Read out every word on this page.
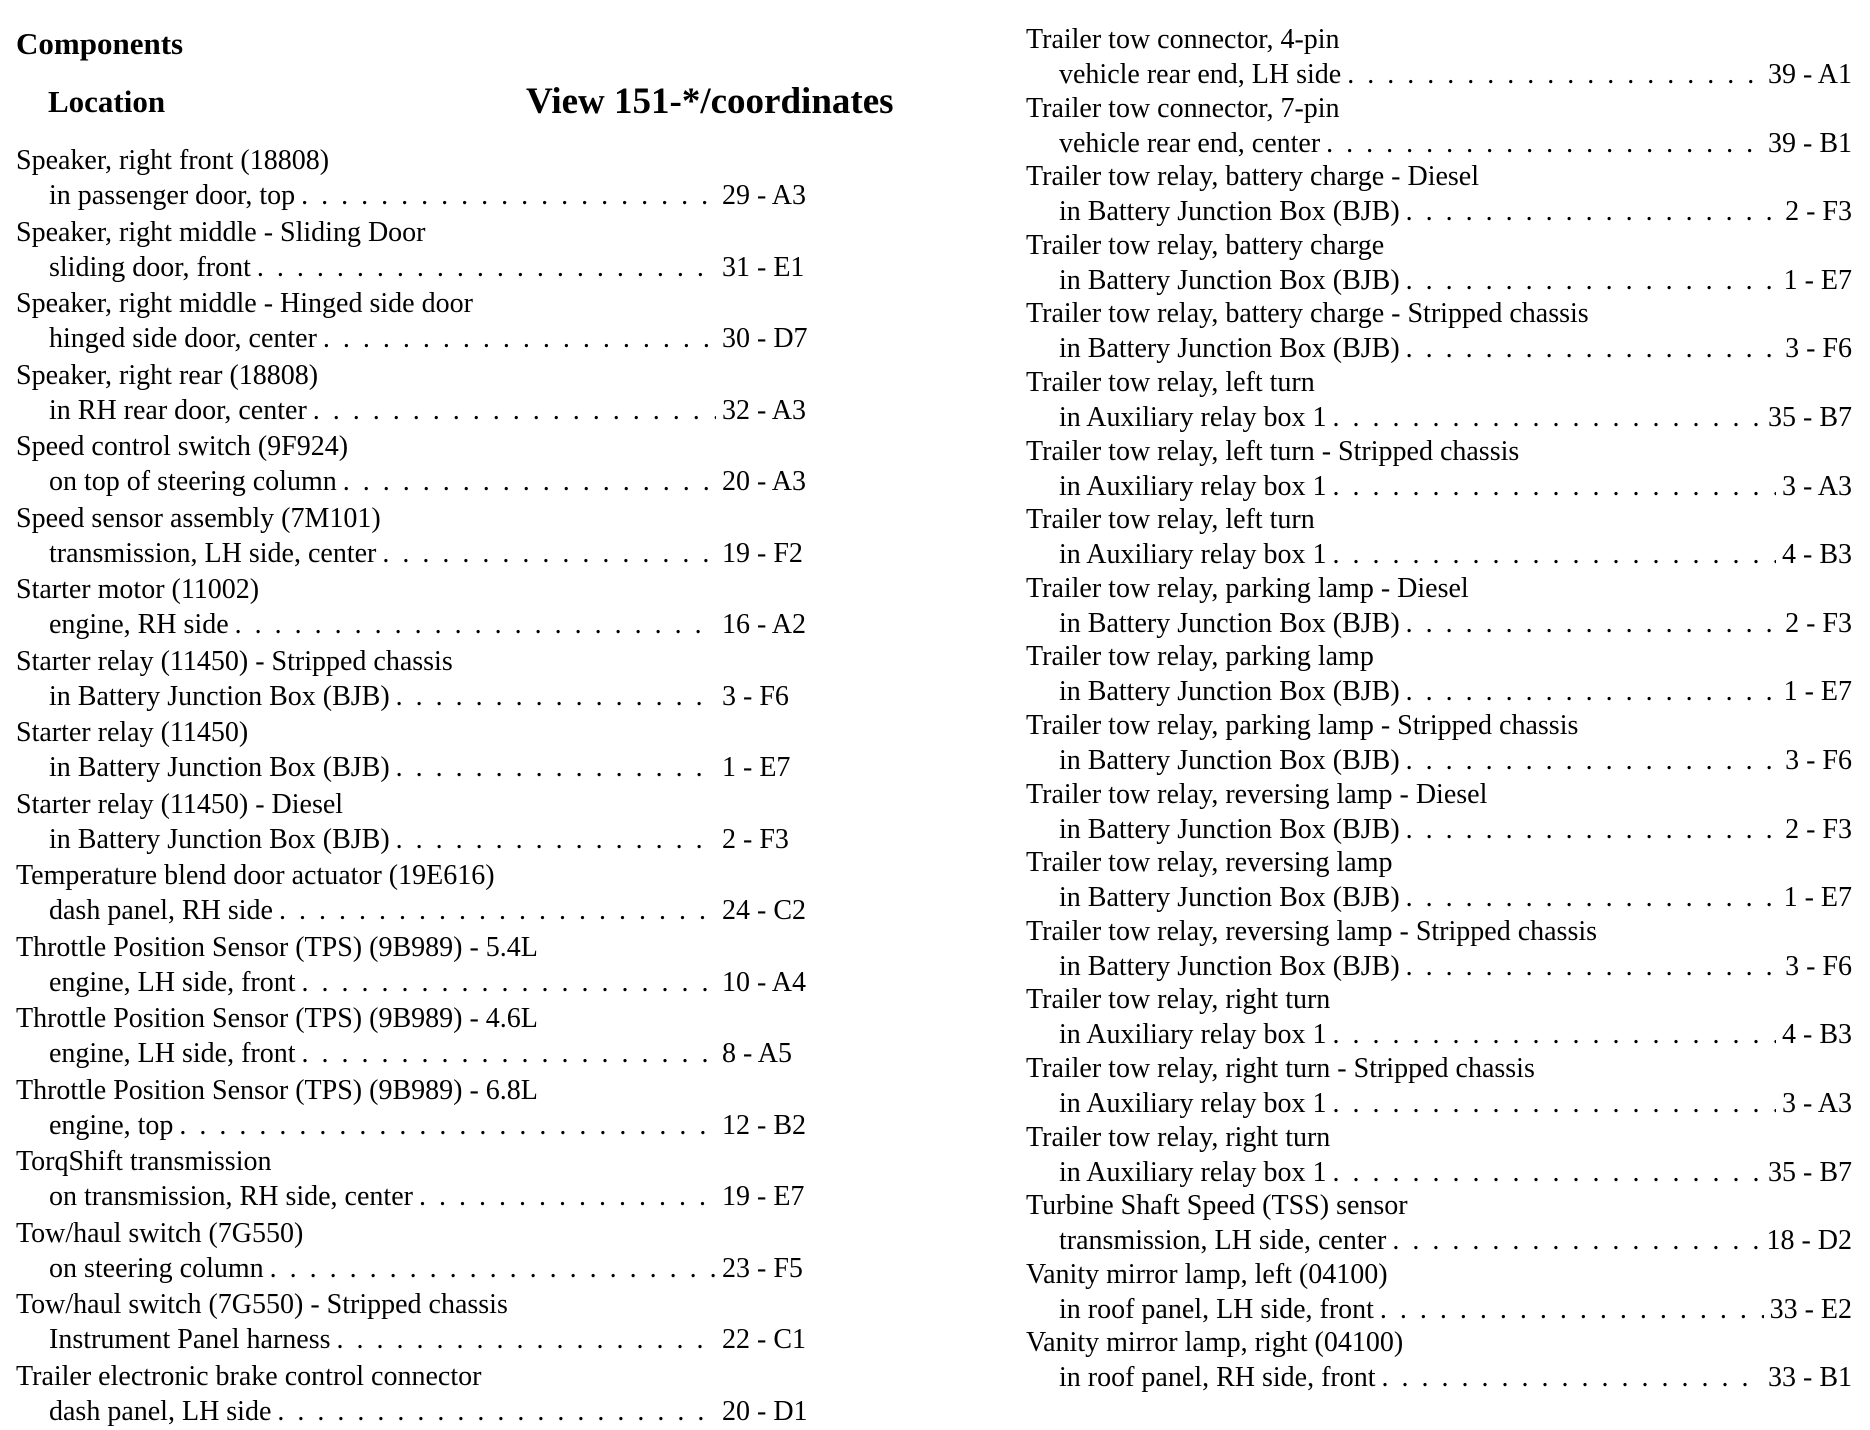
Components
Location	View 151-*/coordinates
Speaker, right front (18808)
in passenger door, top . . .	29 - A3
Speaker, right middle - Sliding Door
sliding door, front . . .	31 - E1
Speaker, right middle - Hinged side door
hinged side door, center . . .	30 - D7
Speaker, right rear (18808)
in RH rear door, center . . .	32 - A3
Speed control switch (9F924)
on top of steering column . . .	20 - A3
Speed sensor assembly (7M101)
transmission, LH side, center . . .	19 - F2
Starter motor (11002)
engine, RH side . . .	16 - A2
Starter relay (11450) - Stripped chassis
in Battery Junction Box (BJB) . . .	3 - F6
Starter relay (11450)
in Battery Junction Box (BJB) . . .	1 - E7
Starter relay (11450) - Diesel
in Battery Junction Box (BJB) . . .	2 - F3
Temperature blend door actuator (19E616)
dash panel, RH side . . .	24 - C2
Throttle Position Sensor (TPS) (9B989) - 5.4L
engine, LH side, front . . .	10 - A4
Throttle Position Sensor (TPS) (9B989) - 4.6L
engine, LH side, front . . .	8 - A5
Throttle Position Sensor (TPS) (9B989) - 6.8L
engine, top . . .	12 - B2
TorqShift transmission
on transmission, RH side, center . . .	19 - E7
Tow/haul switch (7G550)
on steering column . . .	23 - F5
Tow/haul switch (7G550) - Stripped chassis
Instrument Panel harness . . .	22 - C1
Trailer electronic brake control connector
dash panel, LH side . . .	20 - D1
Trailer tow connector, 4-pin
vehicle rear end, LH side . . .	39 - A1
Trailer tow connector, 7-pin
vehicle rear end, center . . .	39 - B1
Trailer tow relay, battery charge - Diesel
in Battery Junction Box (BJB) . . .	2 - F3
Trailer tow relay, battery charge
in Battery Junction Box (BJB) . . .	1 - E7
Trailer tow relay, battery charge - Stripped chassis
in Battery Junction Box (BJB) . . .	3 - F6
Trailer tow relay, left turn
in Auxiliary relay box 1 . . .	35 - B7
Trailer tow relay, left turn - Stripped chassis
in Auxiliary relay box 1 . . .	3 - A3
Trailer tow relay, left turn
in Auxiliary relay box 1 . . .	4 - B3
Trailer tow relay, parking lamp - Diesel
in Battery Junction Box (BJB) . . .	2 - F3
Trailer tow relay, parking lamp
in Battery Junction Box (BJB) . . .	1 - E7
Trailer tow relay, parking lamp - Stripped chassis
in Battery Junction Box (BJB) . . .	3 - F6
Trailer tow relay, reversing lamp - Diesel
in Battery Junction Box (BJB) . . .	2 - F3
Trailer tow relay, reversing lamp
in Battery Junction Box (BJB) . . .	1 - E7
Trailer tow relay, reversing lamp - Stripped chassis
in Battery Junction Box (BJB) . . .	3 - F6
Trailer tow relay, right turn
in Auxiliary relay box 1 . . .	4 - B3
Trailer tow relay, right turn - Stripped chassis
in Auxiliary relay box 1 . . .	3 - A3
Trailer tow relay, right turn
in Auxiliary relay box 1 . . .	35 - B7
Turbine Shaft Speed (TSS) sensor
transmission, LH side, center . . .	18 - D2
Vanity mirror lamp, left (04100)
in roof panel, LH side, front . . .	33 - E2
Vanity mirror lamp, right (04100)
in roof panel, RH side, front . . .	33 - B1
